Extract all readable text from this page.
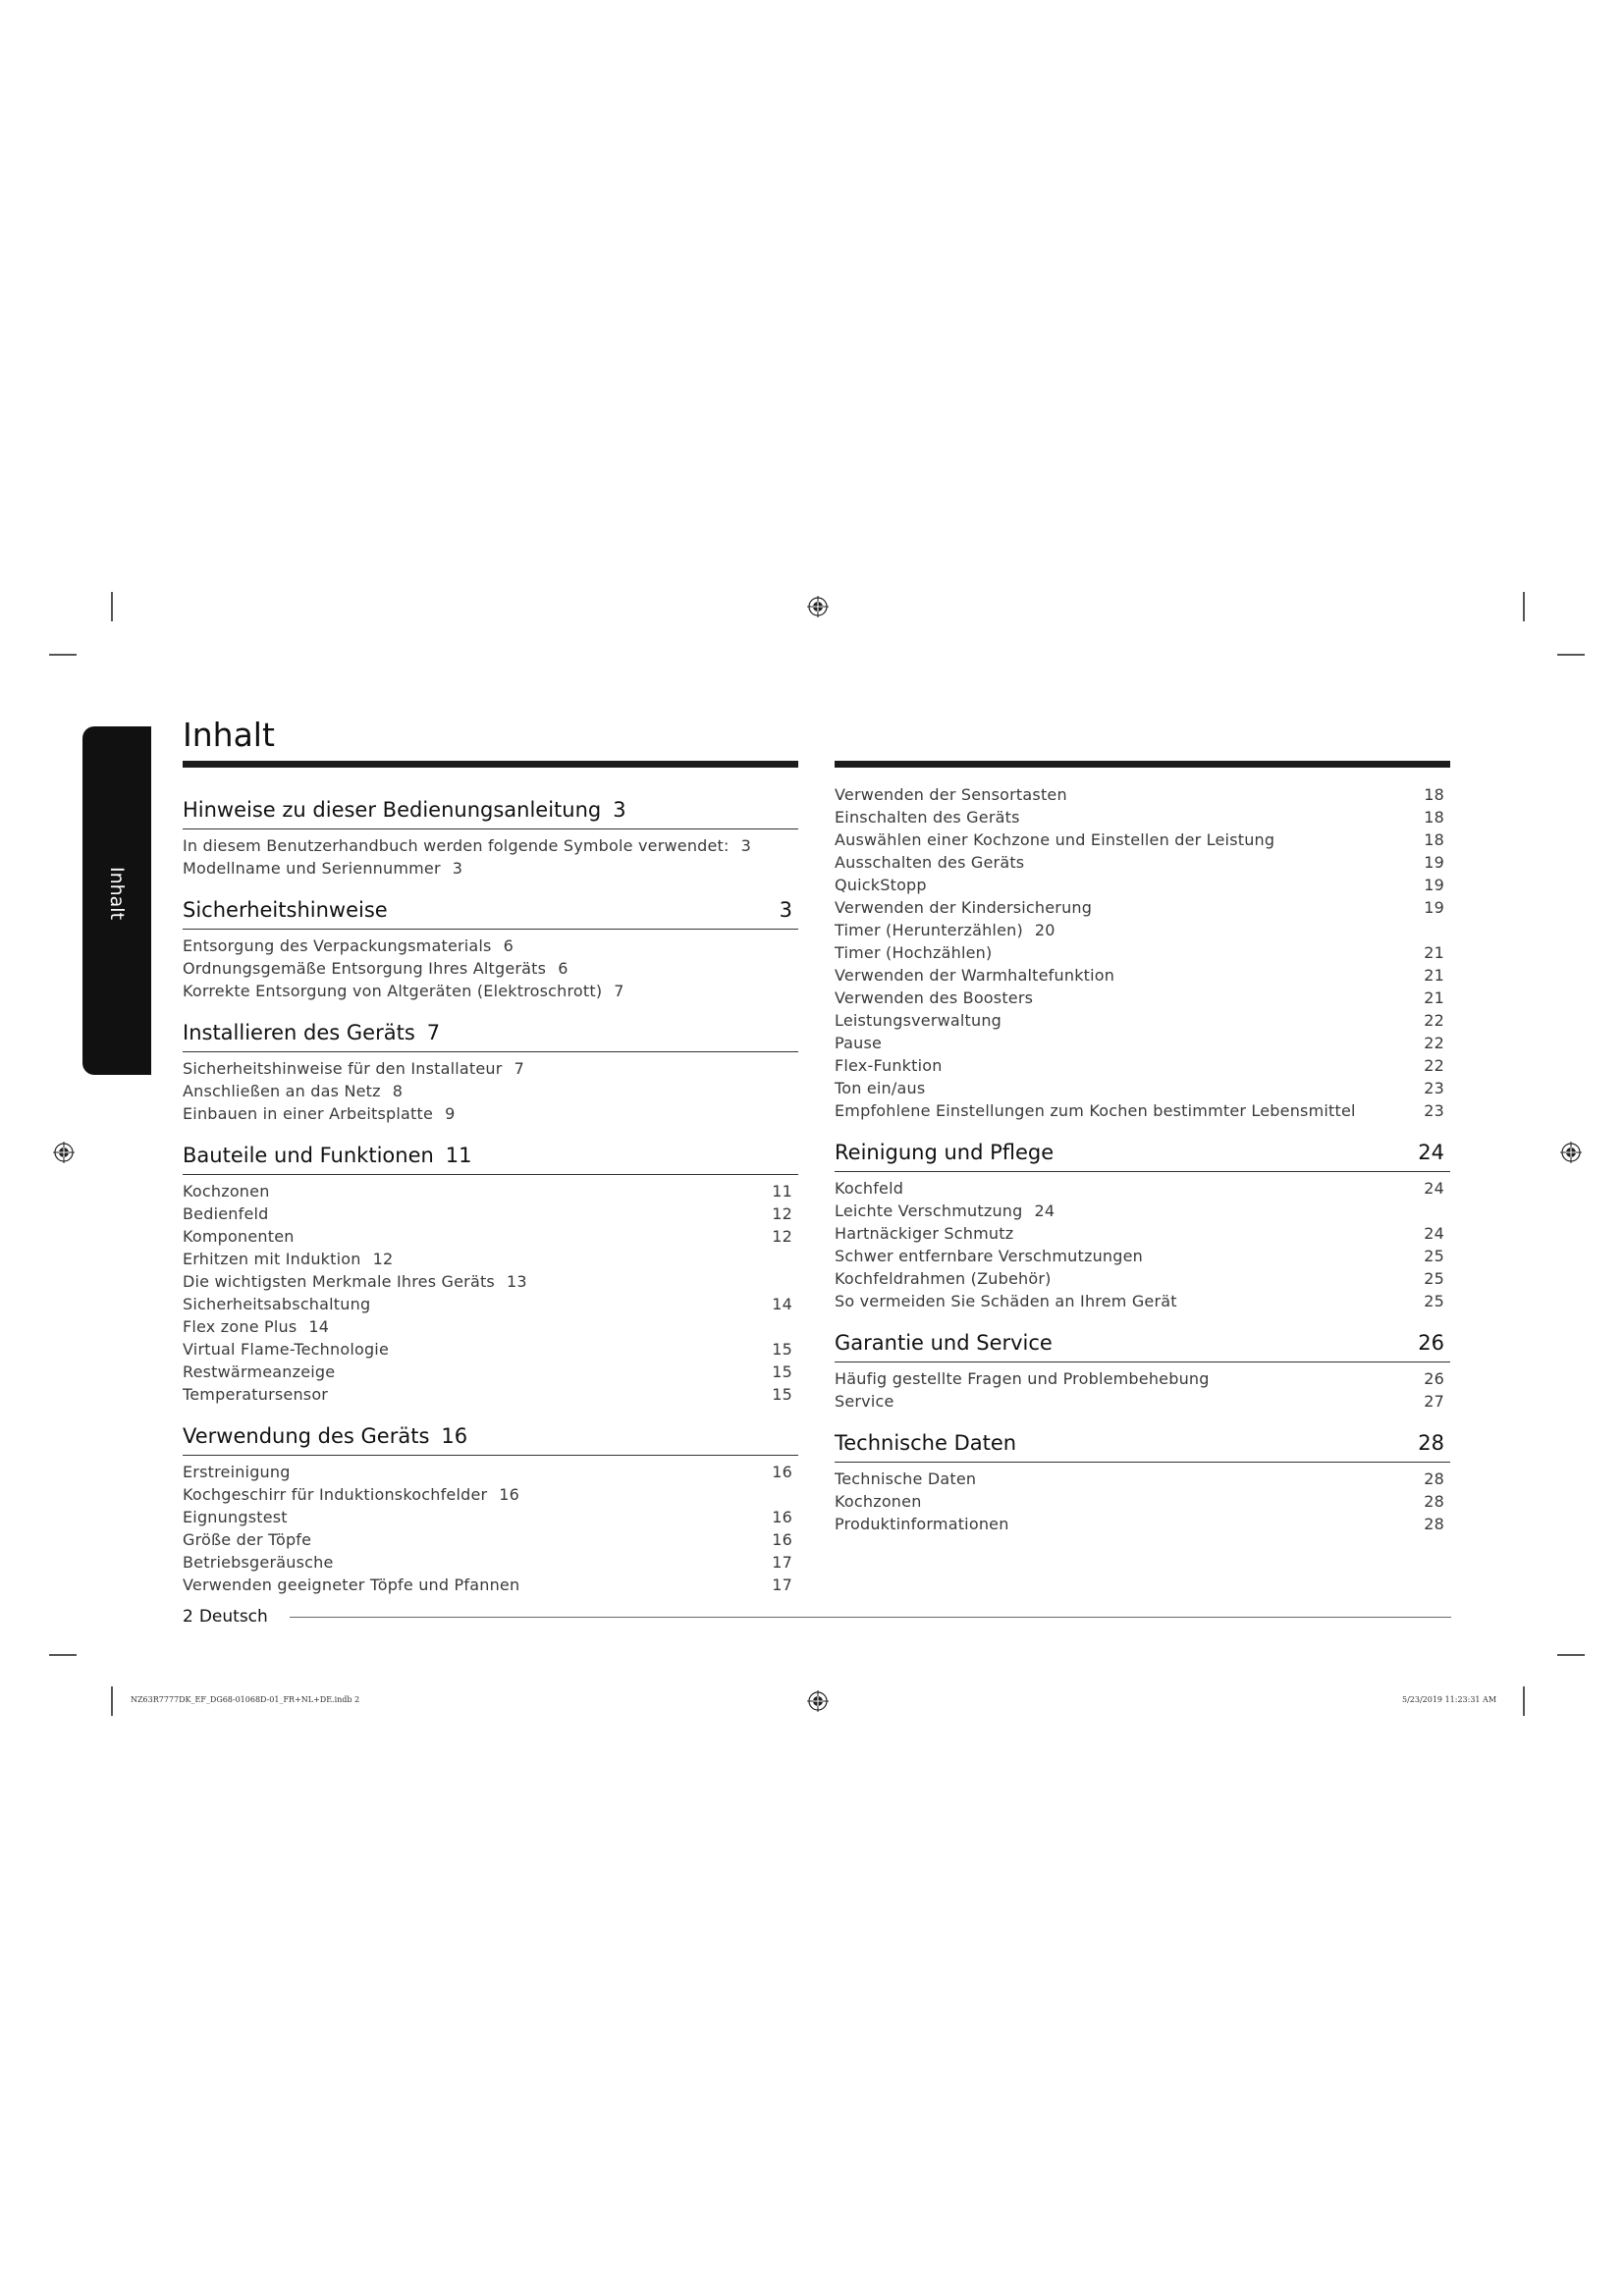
Inhalt
Inhalt
Hinweise zu dieser Bedienungsanleitung 3
In diesem Benutzerhandbuch werden folgende Symbole verwendet: 3
Modellname und Seriennummer 3
Sicherheitshinweise	3
Entsorgung des Verpackungsmaterials 6
Ordnungsgemäße Entsorgung Ihres Altgeräts 6
Korrekte Entsorgung von Altgeräten (Elektroschrott) 7
Installieren des Geräts 7
Sicherheitshinweise für den Installateur 7
Anschließen an das Netz 8
Einbauen in einer Arbeitsplatte 9
Bauteile und Funktionen 11
Kochzonen	11
Bedienfeld	12
Komponenten	12
Erhitzen mit Induktion 12
Die wichtigsten Merkmale Ihres Geräts 13
Sicherheitsabschaltung	14
Flex zone Plus 14
Virtual Flame-Technologie	15
Restwärmeanzeige	15
Temperatursensor	15
Verwendung des Geräts 16
Erstreinigung	16
Kochgeschirr für Induktionskochfelder 16
Eignungstest	16
Größe der Töpfe	16
Betriebsgeräusche	17
Verwenden geeigneter Töpfe und Pfannen	17
Verwenden der Sensortasten	18
Einschalten des Geräts	18
Auswählen einer Kochzone und Einstellen der Leistung	18
Ausschalten des Geräts	19
QuickStopp	19
Verwenden der Kindersicherung	19
Timer (Herunterzählen) 20
Timer (Hochzählen)	21
Verwenden der Warmhaltefunktion	21
Verwenden des Boosters	21
Leistungsverwaltung	22
Pause	22
Flex-Funktion	22
Ton ein/aus	23
Empfohlene Einstellungen zum Kochen bestimmter Lebensmittel	23
Reinigung und Pflege	24
Kochfeld	24
Leichte Verschmutzung 24
Hartnäckiger Schmutz	24
Schwer entfernbare Verschmutzungen	25
Kochfeldrahmen (Zubehör)	25
So vermeiden Sie Schäden an Ihrem Gerät	25
Garantie und Service	26
Häufig gestellte Fragen und Problembehebung	26
Service	27
Technische Daten	28
Technische Daten	28
Kochzonen	28
Produktinformationen	28
2 Deutsch
NZ63R7777DK_EF_DG68-01068D-01_FR+NL+DE.indb 2	5/23/2019 11:23:31 AM
